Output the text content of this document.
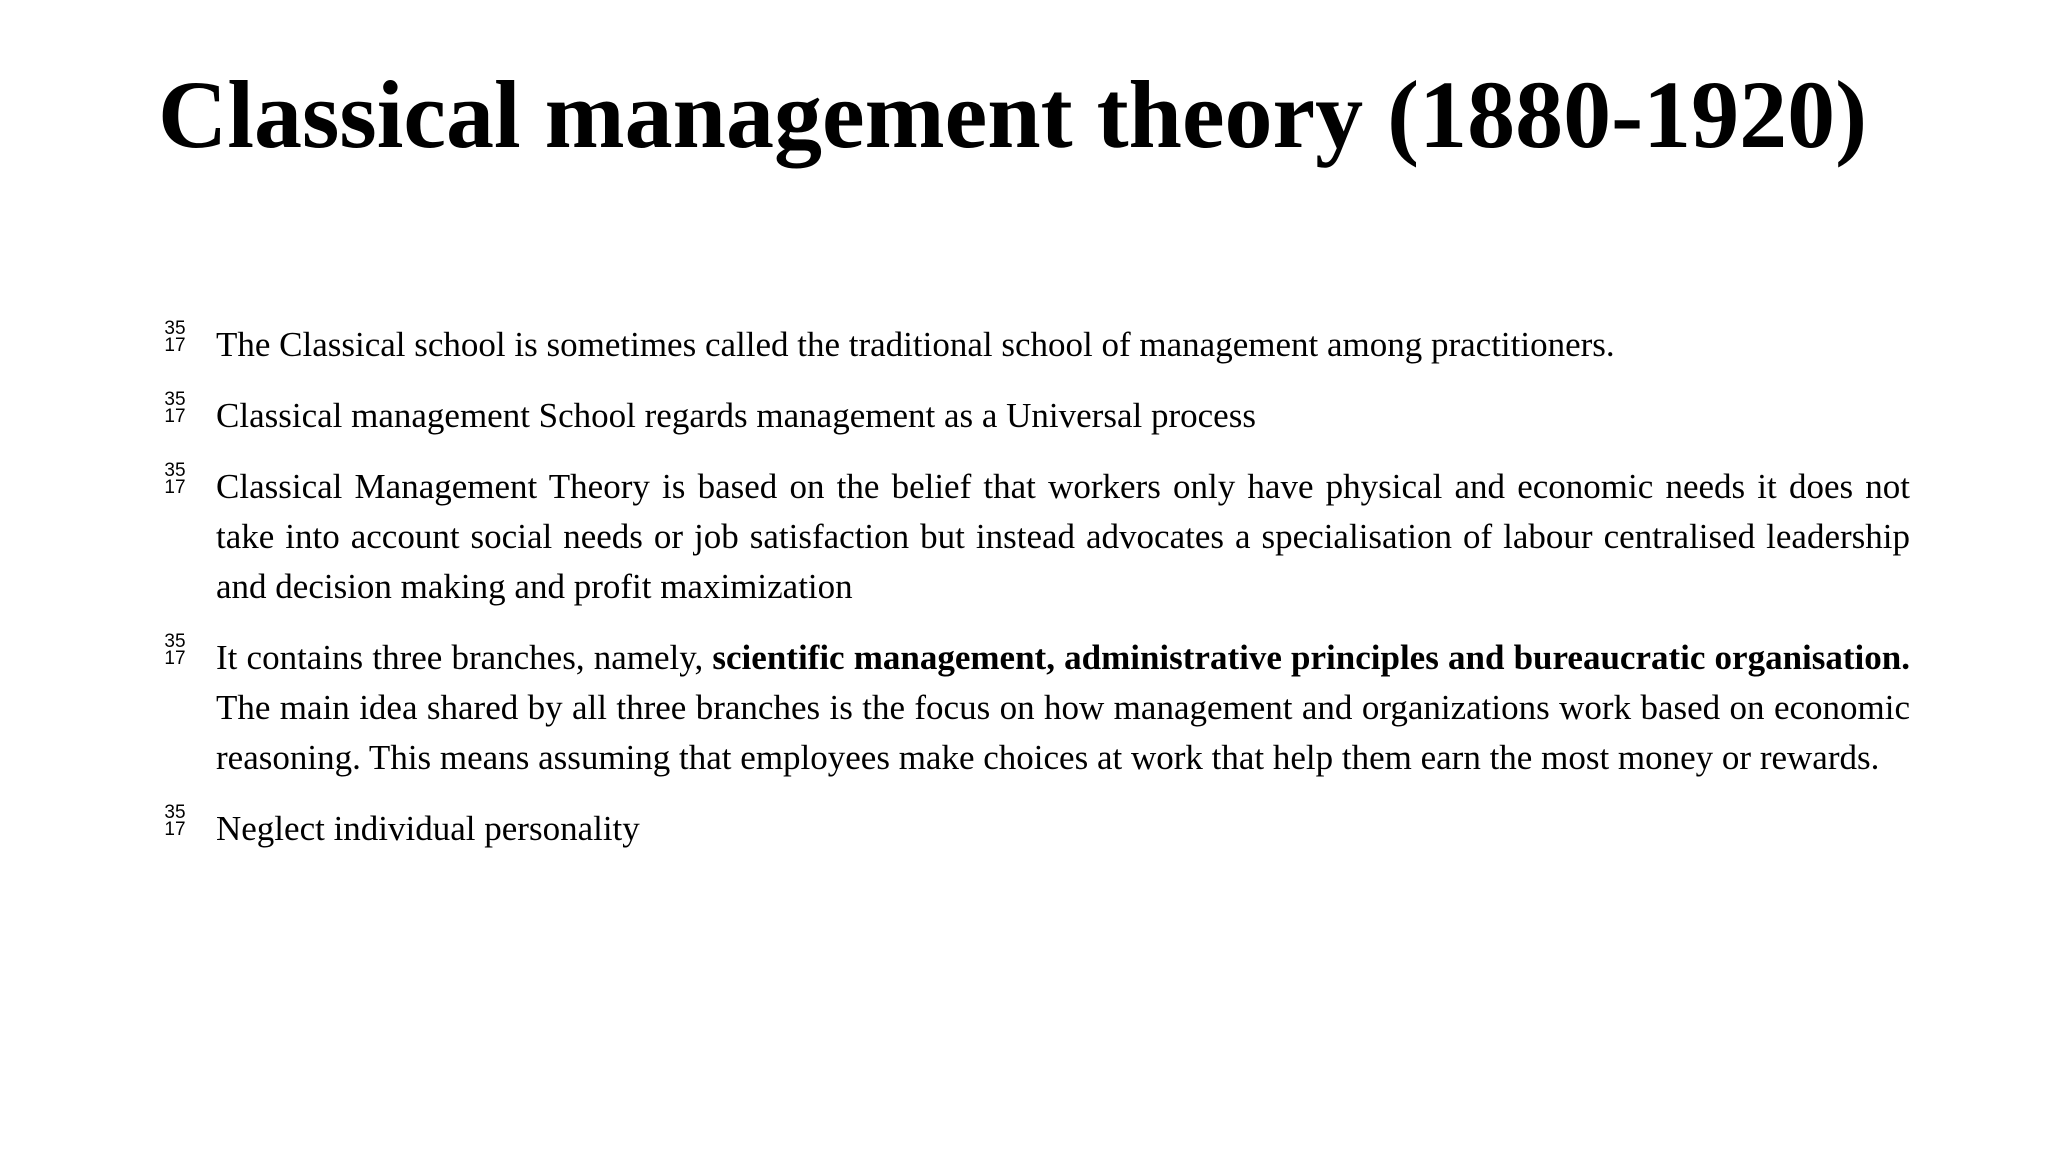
Classical management theory (1880-1920)
35
17 The Classical school is sometimes called the traditional school of management among practitioners.
35
17 Classical management School regards management as a Universal process
35
17 Classical Management Theory is based on the belief that workers only have physical and economic needs it does not take into account social needs or job satisfaction but instead advocates a specialisation of labour centralised leadership and decision making and profit maximization
35
17 It contains three branches, namely, scientific management, administrative principles and bureaucratic organisation. The main idea shared by all three branches is the focus on how management and organizations work based on economic reasoning. This means assuming that employees make choices at work that help them earn the most money or rewards.
35
17 Neglect individual personality
